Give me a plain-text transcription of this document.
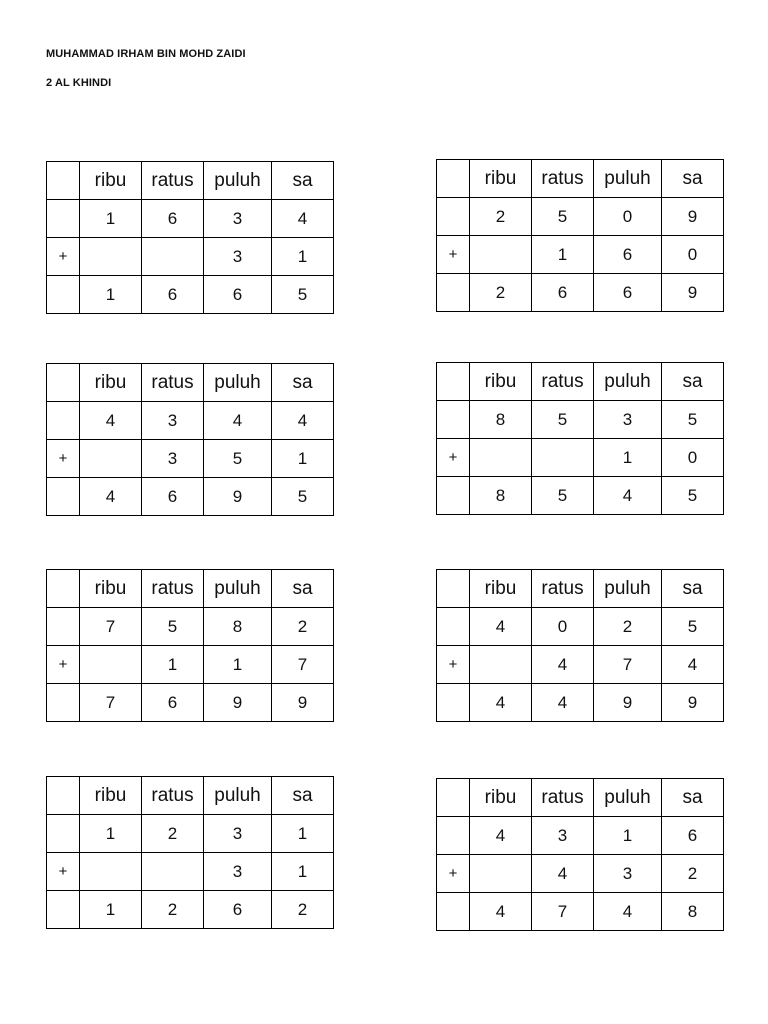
MUHAMMAD IRHAM BIN MOHD ZAIDI
2 AL KHINDI
	ribu	ratus	puluh	sa
	1	6	3	4
+			3	1
	1	6	6	5
	ribu	ratus	puluh	sa
	2	5	0	9
+		1	6	0
	2	6	6	9
	ribu	ratus	puluh	sa
	4	3	4	4
+		3	5	1
	4	6	9	5
	ribu	ratus	puluh	sa
	8	5	3	5
+			1	0
	8	5	4	5
	ribu	ratus	puluh	sa
	7	5	8	2
+		1	1	7
	7	6	9	9
	ribu	ratus	puluh	sa
	4	0	2	5
+		4	7	4
	4	4	9	9
	ribu	ratus	puluh	sa
	1	2	3	1
+			3	1
	1	2	6	2
	ribu	ratus	puluh	sa
	4	3	1	6
+		4	3	2
	4	7	4	8
